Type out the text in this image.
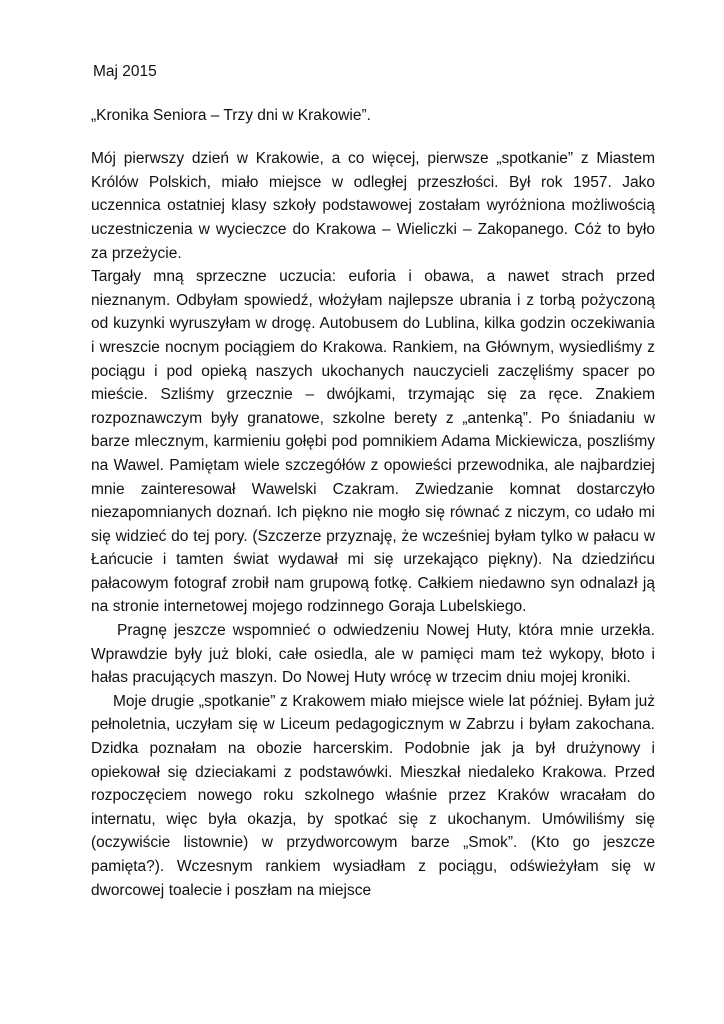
Maj 2015

„Kronika Seniora – Trzy dni w Krakowie”.

Mój pierwszy dzień w Krakowie, a co więcej, pierwsze „spotkanie” z Miastem Królów Polskich, miało miejsce w odległej przeszłości. Był rok 1957. Jako uczennica ostatniej klasy szkoły podstawowej zostałam wyróżniona możliwością uczestniczenia w wycieczce do Krakowa – Wieliczki – Zakopanego. Cóż to było za przeżycie.

Targały mną sprzeczne uczucia: euforia i obawa, a nawet strach przed nieznanym. Odbyłam spowiedź, włożyłam najlepsze ubrania i z torbą pożyczoną od kuzynki wyruszyłam w drogę. Autobusem do Lublina, kilka godzin oczekiwania i wreszcie nocnym pociągiem do Krakowa. Rankiem, na Głównym, wysiedliśmy z pociągu i pod opieką naszych ukochanych nauczycieli zaczęliśmy spacer po mieście. Szliśmy grzecznie – dwójkami, trzymając się za ręce. Znakiem rozpoznawczym były granatowe, szkolne berety z „antenką”. Po śniadaniu w barze mlecznym, karmieniu gołębi pod pomnikiem Adama Mickiewicza, poszliśmy na Wawel. Pamiętam wiele szczegółów z opowieści przewodnika, ale najbardziej mnie zainteresował Wawelski Czakram. Zwiedzanie komnat dostarczyło niezapomnianych doznań. Ich piękno nie mogło się równać z niczym, co udało mi się widzieć do tej pory. (Szczerze przyznaję, że wcześniej byłam tylko w pałacu w Łańcucie i tamten świat wydawał mi się urzekająco piękny). Na dziedzińcu pałacowym fotograf zrobił nam grupową fotkę. Całkiem niedawno syn odnalazł ją na stronie internetowej mojego rodzinnego Goraja Lubelskiego.

Pragnę jeszcze wspomnieć o odwiedzeniu Nowej Huty, która mnie urzekła. Wprawdzie były już bloki, całe osiedla, ale w pamięci mam też wykopy, błoto i hałas pracujących maszyn. Do Nowej Huty wrócę w trzecim dniu mojej kroniki.

Moje drugie „spotkanie” z Krakowem miało miejsce wiele lat później. Byłam już pełnoletnia, uczyłam się w Liceum pedagogicznym w Zabrzu i byłam zakochana. Dzidka poznałam na obozie harcerskim. Podobnie jak ja był drużynowy i opiekował się dzieciakami z podstawówki. Mieszkał niedaleko Krakowa. Przed rozpoczęciem nowego roku szkolnego właśnie przez Kraków wracałam do internatu, więc była okazja, by spotkać się z ukochanym. Umówiliśmy się (oczywiście listownie) w przydworcowym barze „Smok”. (Kto go jeszcze pamięta?). Wczesnym rankiem wysiadłam z pociągu, odświeżyłam się w dworcowej toalecie i poszłam na miejsce
